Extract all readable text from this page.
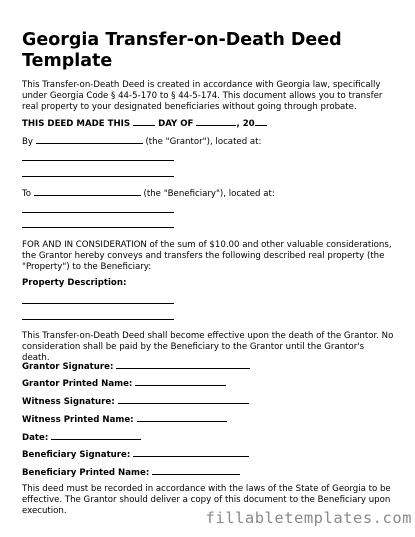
Georgia Transfer-on-Death Deed Template
This Transfer-on-Death Deed is created in accordance with Georgia law, specifically under Georgia Code § 44-5-170 to § 44-5-174. This document allows you to transfer real property to your designated beneficiaries without going through probate.
THIS DEED MADE THIS	DAY OF	, 20
By	(the "Grantor"), located at:
To	(the "Beneficiary"), located at:
FOR AND IN CONSIDERATION of the sum of $10.00 and other valuable considerations, the Grantor hereby conveys and transfers the following described real property (the "Property") to the Beneficiary:
Property Description:
This Transfer-on-Death Deed shall become effective upon the death of the Grantor. No consideration shall be paid by the Beneficiary to the Grantor until the Grantor's death.
Grantor Signature:
Grantor Printed Name:
Witness Signature:
Witness Printed Name:
Date:
Beneficiary Signature:
Beneficiary Printed Name:
This deed must be recorded in accordance with the laws of the State of Georgia to be effective. The Grantor should deliver a copy of this document to the Beneficiary upon execution.	fillabletemplates.com
